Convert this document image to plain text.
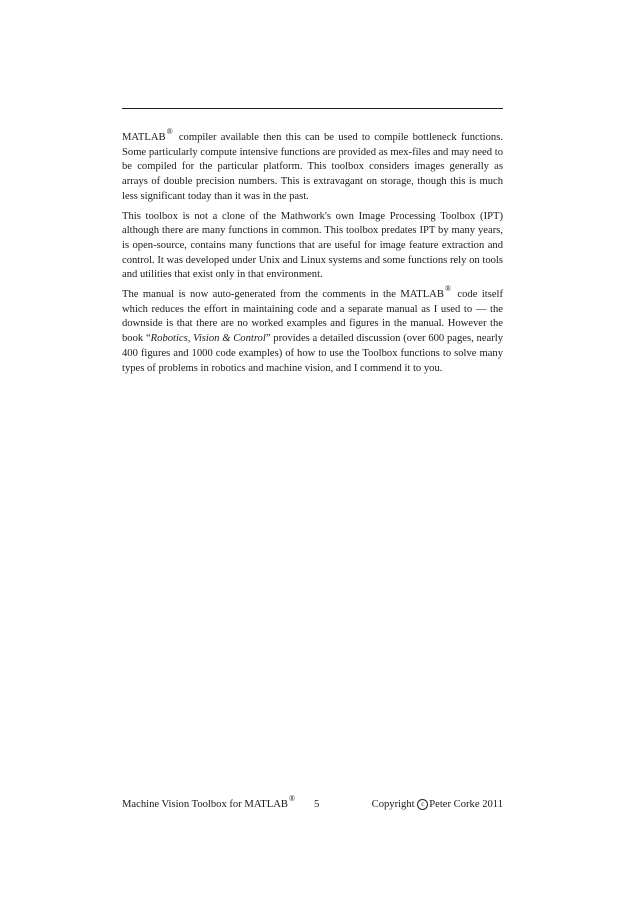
MATLAB® compiler available then this can be used to compile bottleneck functions. Some particularly compute intensive functions are provided as mex-files and may need to be compiled for the particular platform. This toolbox considers images generally as arrays of double precision numbers. This is extravagant on storage, though this is much less significant today than it was in the past.

This toolbox is not a clone of the Mathwork's own Image Processing Toolbox (IPT) although there are many functions in common. This toolbox predates IPT by many years, is open-source, contains many functions that are useful for image feature extraction and control. It was developed under Unix and Linux systems and some functions rely on tools and utilities that exist only in that environment.

The manual is now auto-generated from the comments in the MATLAB® code itself which reduces the effort in maintaining code and a separate manual as I used to — the downside is that there are no worked examples and figures in the manual. However the book “Robotics, Vision & Control” provides a detailed discussion (over 600 pages, nearly 400 figures and 1000 code examples) of how to use the Toolbox functions to solve many types of problems in robotics and machine vision, and I commend it to you.

Machine Vision Toolbox for MATLAB®
5	Copyright c Peter Corke 2011
